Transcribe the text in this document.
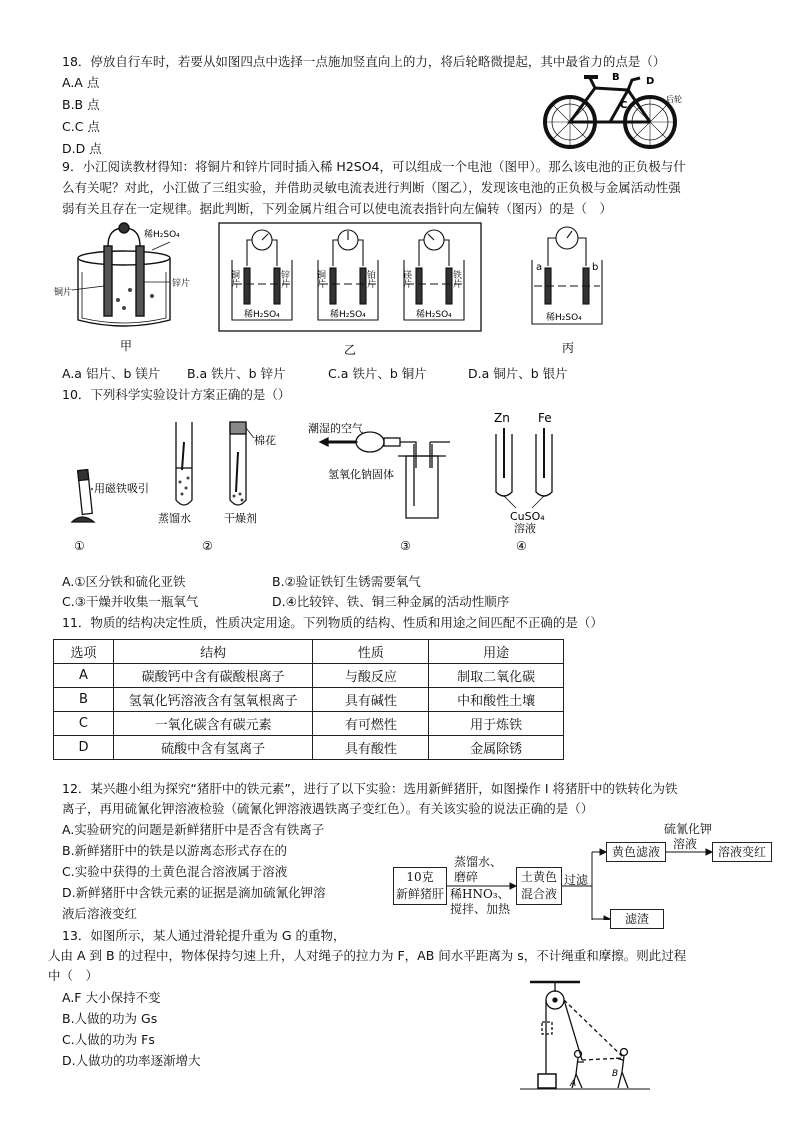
18．停放自行车时，若要从如图四点中选择一点施加竖直向上的力，将后轮略微提起，其中最省力的点是（）
A.A 点
B.B 点
C.C 点
D.D 点
B	D
C
后轮
9．小江阅读教材得知：将铜片和锌片同时插入稀 H2SO4，可以组成一个电池（图甲）。那么该电池的正负极与什
么有关呢？对此，小江做了三组实验，并借助灵敏电流表进行判断（图乙），发现该电池的正负极与金属活动性强
弱有关且存在一定规律。据此判断，下列金属片组合可以使电流表指针向左偏转（图丙）的是（　）
稀H₂SO₄
铜片
锌片
甲
铜片	锌片
稀H₂SO₄
铜片	铂片
稀H₂SO₄
镁片	铁片
稀H₂SO₄
乙
a	b
稀H₂SO₄
丙
A.a 铝片、b 镁片 B.a 铁片、b 锌片	C.a 铁片、b 铜片	D.a 铜片、b 银片
10．下列科学实验设计方案正确的是（）
用磁铁吸引
蒸馏水
棉花
干燥剂
潮湿的空气
氢氧化钠固体
Zn Fe
CuSO₄
溶液
①	②	③	④
A.①区分铁和硫化亚铁	B.②验证铁钉生锈需要氧气
C.③干燥并收集一瓶氧气	D.④比较锌、铁、铜三种金属的活动性顺序
11．物质的结构决定性质，性质决定用途。下列物质的结构、性质和用途之间匹配不正确的是（）
选项	结构	性质	用途
A	碳酸钙中含有碳酸根离子	与酸反应	制取二氧化碳
B	氢氧化钙溶液含有氢氧根离子	具有碱性	中和酸性土壤
C	一氧化碳含有碳元素	有可燃性	用于炼铁
D	硫酸中含有氢离子	具有酸性	金属除锈
12．某兴趣小组为探究“猪肝中的铁元素”，进行了以下实验：选用新鲜猪肝，如图操作 I 将猪肝中的铁转化为铁
离子，再用硫氰化钾溶液检验（硫氰化钾溶液遇铁离子变红色）。有关该实验的说法正确的是（）
A.实验研究的问题是新鲜猪肝中是否含有铁离子
B.新鲜猪肝中的铁是以游离态形式存在的
C.实验中获得的土黄色混合溶液属于溶液
D.新鲜猪肝中含铁元素的证据是滴加硫氰化钾溶
液后溶液变红
10克
新鲜猪肝
蒸馏水、
磨碎
稀HNO₃、
搅拌、加热
土黄色
混合液
过滤
黄色滤液
硫氰化钾
溶液
溶液变红
滤渣
13．如图所示，某人通过滑轮提升重为 G 的重物，
人由 A 到 B 的过程中，物体保持匀速上升，人对绳子的拉力为 F，AB 间水平距离为 s，不计绳重和摩擦。则此过程
中（　）
A.F 大小保持不变
B.人做的功为 Gs
C.人做的功为 Fs
D.人做功的功率逐渐增大
A
B
